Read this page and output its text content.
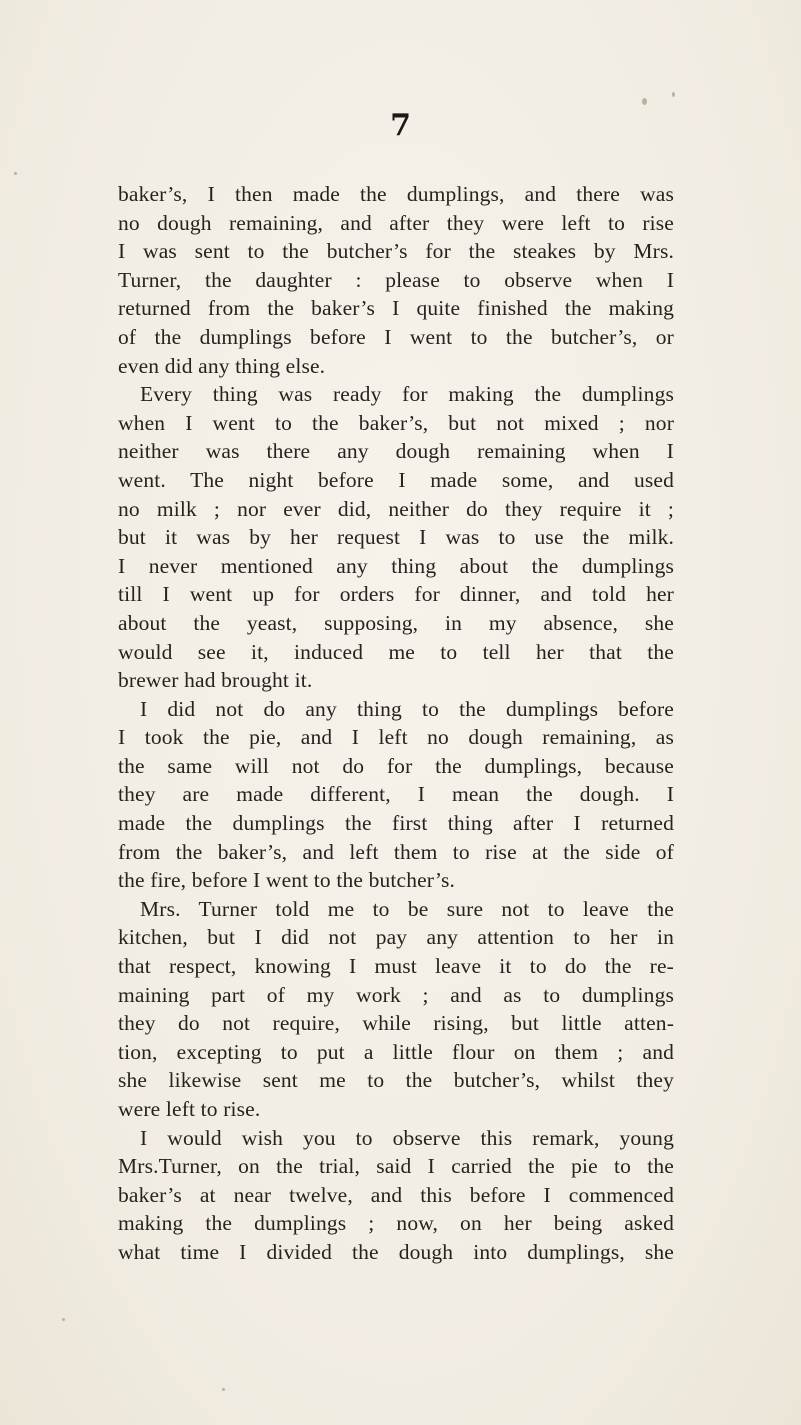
7
baker’s, I then made the dumplings, and there was
no dough remaining, and after they were left to rise
I was sent to the butcher’s for the steakes by Mrs.
Turner, the daughter : please to observe when I
returned from the baker’s I quite finished the making
of the dumplings before I went to the butcher’s, or
even did any thing else.
Every thing was ready for making the dumplings
when I went to the baker’s, but not mixed ; nor
neither was there any dough remaining when I
went. The night before I made some, and used
no milk ; nor ever did, neither do they require it ;
but it was by her request I was to use the milk.
I never mentioned any thing about the dumplings
till I went up for orders for dinner, and told her
about the yeast, supposing, in my absence, she
would see it, induced me to tell her that the
brewer had brought it.
I did not do any thing to the dumplings before
I took the pie, and I left no dough remaining, as
the same will not do for the dumplings, because
they are made different, I mean the dough. I
made the dumplings the first thing after I returned
from the baker’s, and left them to rise at the side of
the fire, before I went to the butcher’s.
Mrs. Turner told me to be sure not to leave the
kitchen, but I did not pay any attention to her in
that respect, knowing I must leave it to do the re-
maining part of my work ; and as to dumplings
they do not require, while rising, but little atten-
tion, excepting to put a little flour on them ; and
she likewise sent me to the butcher’s, whilst they
were left to rise.
I would wish you to observe this remark, young
Mrs.Turner, on the trial, said I carried the pie to the
baker’s at near twelve, and this before I commenced
making the dumplings ; now, on her being asked
what time I divided the dough into dumplings, she
